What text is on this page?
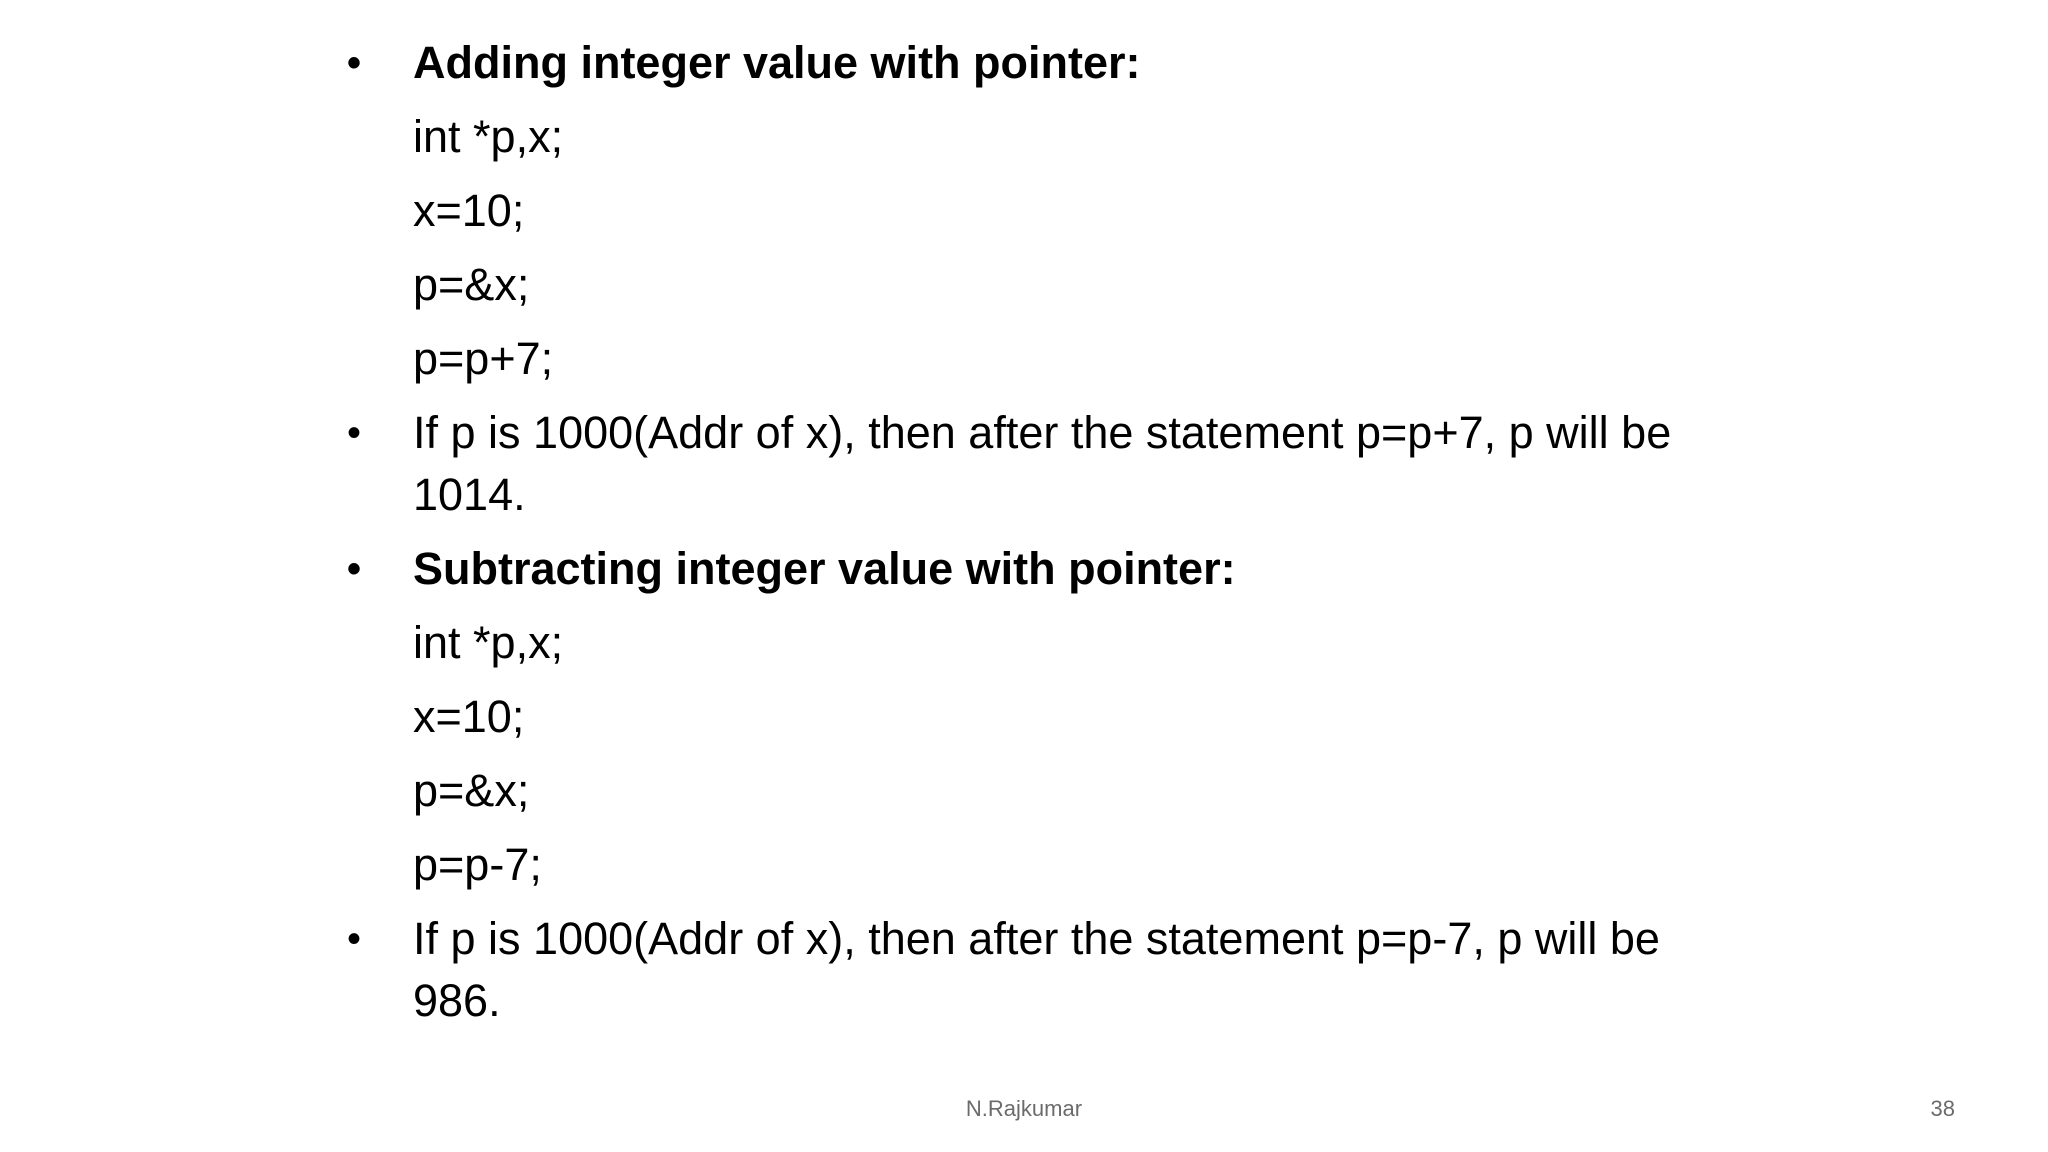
•	Adding integer value with pointer:
int *p,x;
x=10;
p=&x;
p=p+7;
•	If p is 1000(Addr of x), then after the statement p=p+7, p will be 1014.
•	Subtracting integer value with pointer:
int *p,x;
x=10;
p=&x;
p=p-7;
•	If p is 1000(Addr of x), then after the statement p=p-7, p will be 986.
N.Rajkumar	38
